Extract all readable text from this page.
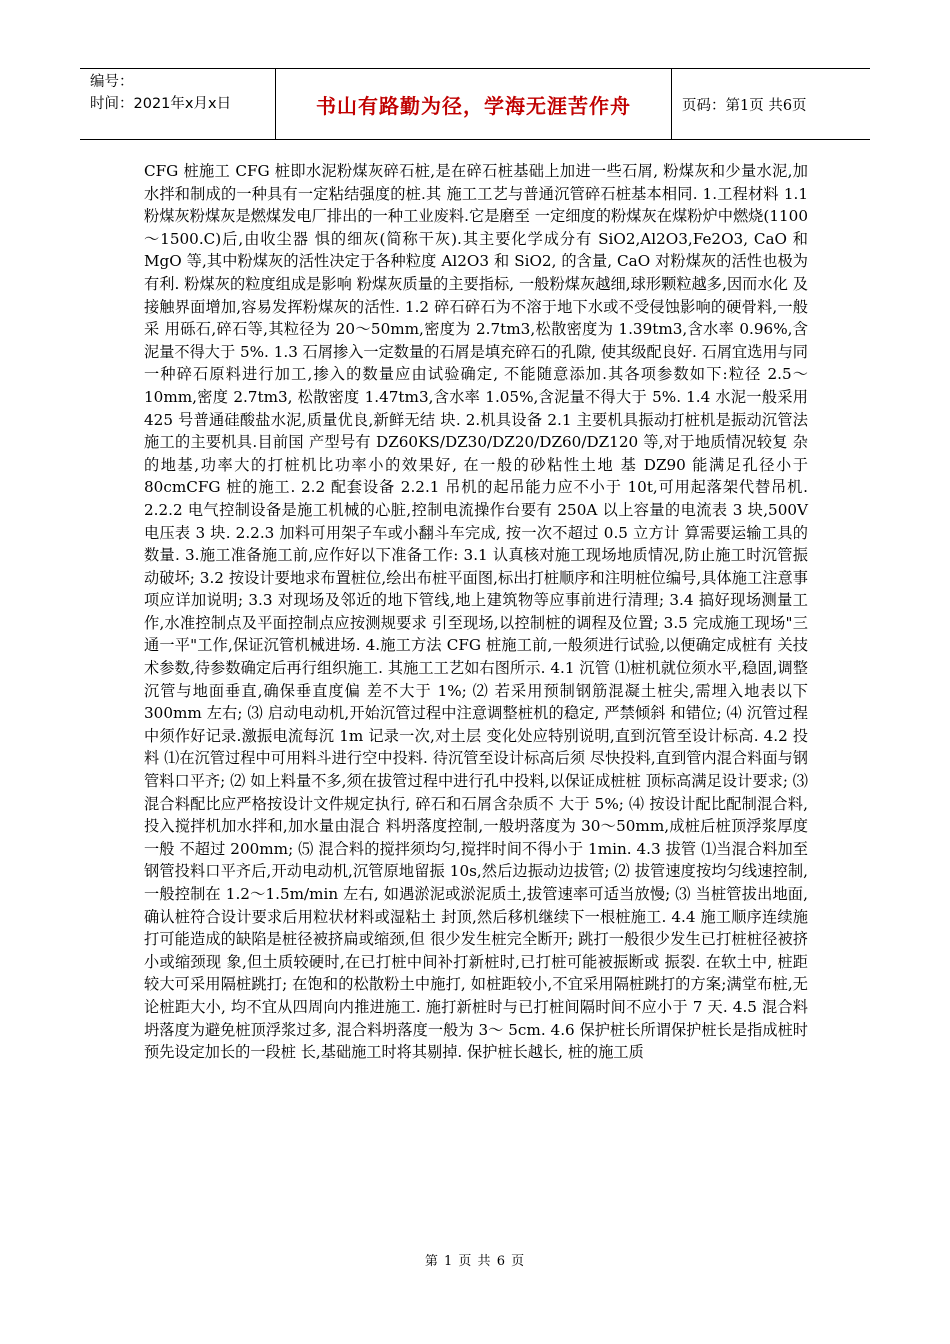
编号：
时间：2021年x月x日	书山有路勤为径，学海无涯苦作舟	页码：第1页 共6页

CFG 桩施工 CFG 桩即水泥粉煤灰碎石桩,是在碎石桩基础上加进一些石屑, 粉煤灰和少量水泥,加水拌和制成的一种具有一定粘结强度的桩.其 施工工艺与普通沉管碎石桩基本相同. 1.工程材料 1.1 粉煤灰粉煤灰是燃煤发电厂排出的一种工业废料.它是磨至 一定细度的粉煤灰在煤粉炉中燃烧(1100～1500.C)后,由收尘器 惧的细灰(简称干灰).其主要化学成分有 SiO2,Al2O3,Fe2O3, CaO 和 MgO 等,其中粉煤灰的活性决定于各种粒度 Al2O3 和 SiO2, 的含量, CaO 对粉煤灰的活性也极为有利. 粉煤灰的粒度组成是影响 粉煤灰质量的主要指标, 一般粉煤灰越细,球形颗粒越多,因而水化 及接触界面增加,容易发挥粉煤灰的活性. 1.2 碎石碎石为不溶于地下水或不受侵蚀影响的硬骨料,一般采 用砾石,碎石等,其粒径为 20～50mm,密度为 2.7tm3,松散密度为 1.39tm3,含水率 0.96%,含泥量不得大于 5%. 1.3 石屑掺入一定数量的石屑是填充碎石的孔隙, 使其级配良好. 石屑宜选用与同一种碎石原料进行加工,掺入的数量应由试验确定, 不能随意添加.其各项参数如下:粒径 2.5～10mm,密度 2.7tm3, 松散密度 1.47tm3,含水率 1.05%,含泥量不得大于 5%. 1.4 水泥一般采用 425 号普通硅酸盐水泥,质量优良,新鲜无结 块. 2.机具设备 2.1 主要机具振动打桩机是振动沉管法施工的主要机具.目前国 产型号有 DZ60KS/DZ30/DZ20/DZ60/DZ120 等,对于地质情况较复 杂的地基,功率大的打桩机比功率小的效果好, 在一般的砂粘性土地 基 DZ90 能满足孔径小于 80cmCFG 桩的施工. 2.2 配套设备 2.2.1 吊机的起吊能力应不小于 10t,可用起落架代替吊机. 2.2.2 电气控制设备是施工机械的心脏,控制电流操作台要有 250A 以上容量的电流表 3 块,500V 电压表 3 块. 2.2.3 加料可用架子车或小翻斗车完成, 按一次不超过 0.5 立方计 算需要运输工具的数量. 3.施工准备施工前,应作好以下准备工作: 3.1 认真核对施工现场地质情况,防止施工时沉管振动破坏; 3.2 按设计要地求布置桩位,绘出布桩平面图,标出打桩顺序和注明桩位编号,具体施工注意事项应详加说明; 3.3 对现场及邻近的地下管线,地上建筑物等应事前进行清理; 3.4 搞好现场测量工作,水准控制点及平面控制点应按测规要求 引至现场,以控制桩的调程及位置; 3.5 完成施工现场"三通一平"工作,保证沉管机械进场. 4.施工方法 CFG 桩施工前,一般须进行试验,以便确定成桩有 关技术参数,待参数确定后再行组织施工. 其施工工艺如右图所示. 4.1 沉管 ⑴桩机就位须水平,稳固,调整沉管与地面垂直,确保垂直度偏 差不大于 1%; ⑵ 若采用预制钢筋混凝土桩尖,需埋入地表以下 300mm 左右; ⑶ 启动电动机,开始沉管过程中注意调整桩机的稳定, 严禁倾斜 和错位; ⑷ 沉管过程中须作好记录.激振电流每沉 1m 记录一次,对土层 变化处应特别说明,直到沉管至设计标高. 4.2 投料 ⑴在沉管过程中可用料斗进行空中投料. 待沉管至设计标高后须 尽快投料,直到管内混合料面与钢管料口平齐; ⑵ 如上料量不多,须在拔管过程中进行孔中投料,以保证成桩桩 顶标高满足设计要求; ⑶ 混合料配比应严格按设计文件规定执行, 碎石和石屑含杂质不 大于 5%; ⑷ 按设计配比配制混合料,投入搅拌机加水拌和,加水量由混合 料坍落度控制,一般坍落度为 30～50mm,成桩后桩顶浮浆厚度一般 不超过 200mm; ⑸ 混合料的搅拌须均匀,搅拌时间不得小于 1min. 4.3 拔管 ⑴当混合料加至钢管投料口平齐后,开动电动机,沉管原地留振 10s,然后边振动边拔管; ⑵ 拔管速度按均匀线速控制,一般控制在 1.2～1.5m/min 左右, 如遇淤泥或淤泥质土,拔管速率可适当放慢; ⑶ 当桩管拔出地面, 确认桩符合设计要求后用粒状材料或湿粘土 封顶,然后移机继续下一根桩施工. 4.4 施工顺序连续施打可能造成的缺陷是桩径被挤扁或缩颈,但 很少发生桩完全断开; 跳打一般很少发生已打桩桩径被挤小或缩颈现 象,但土质较硬时,在已打桩中间补打新桩时,已打桩可能被振断或 振裂. 在软土中, 桩距较大可采用隔桩跳打; 在饱和的松散粉土中施打, 如桩距较小,不宜采用隔桩跳打的方案;满堂布桩,无论桩距大小, 均不宜从四周向内推进施工. 施打新桩时与已打桩间隔时间不应小于 7 天. 4.5 混合料坍落度为避免桩顶浮浆过多, 混合料坍落度一般为 3～ 5cm. 4.6 保护桩长所谓保护桩长是指成桩时预先设定加长的一段桩 长,基础施工时将其剔掉. 保护桩长越长, 桩的施工质

第 1 页 共 6 页
